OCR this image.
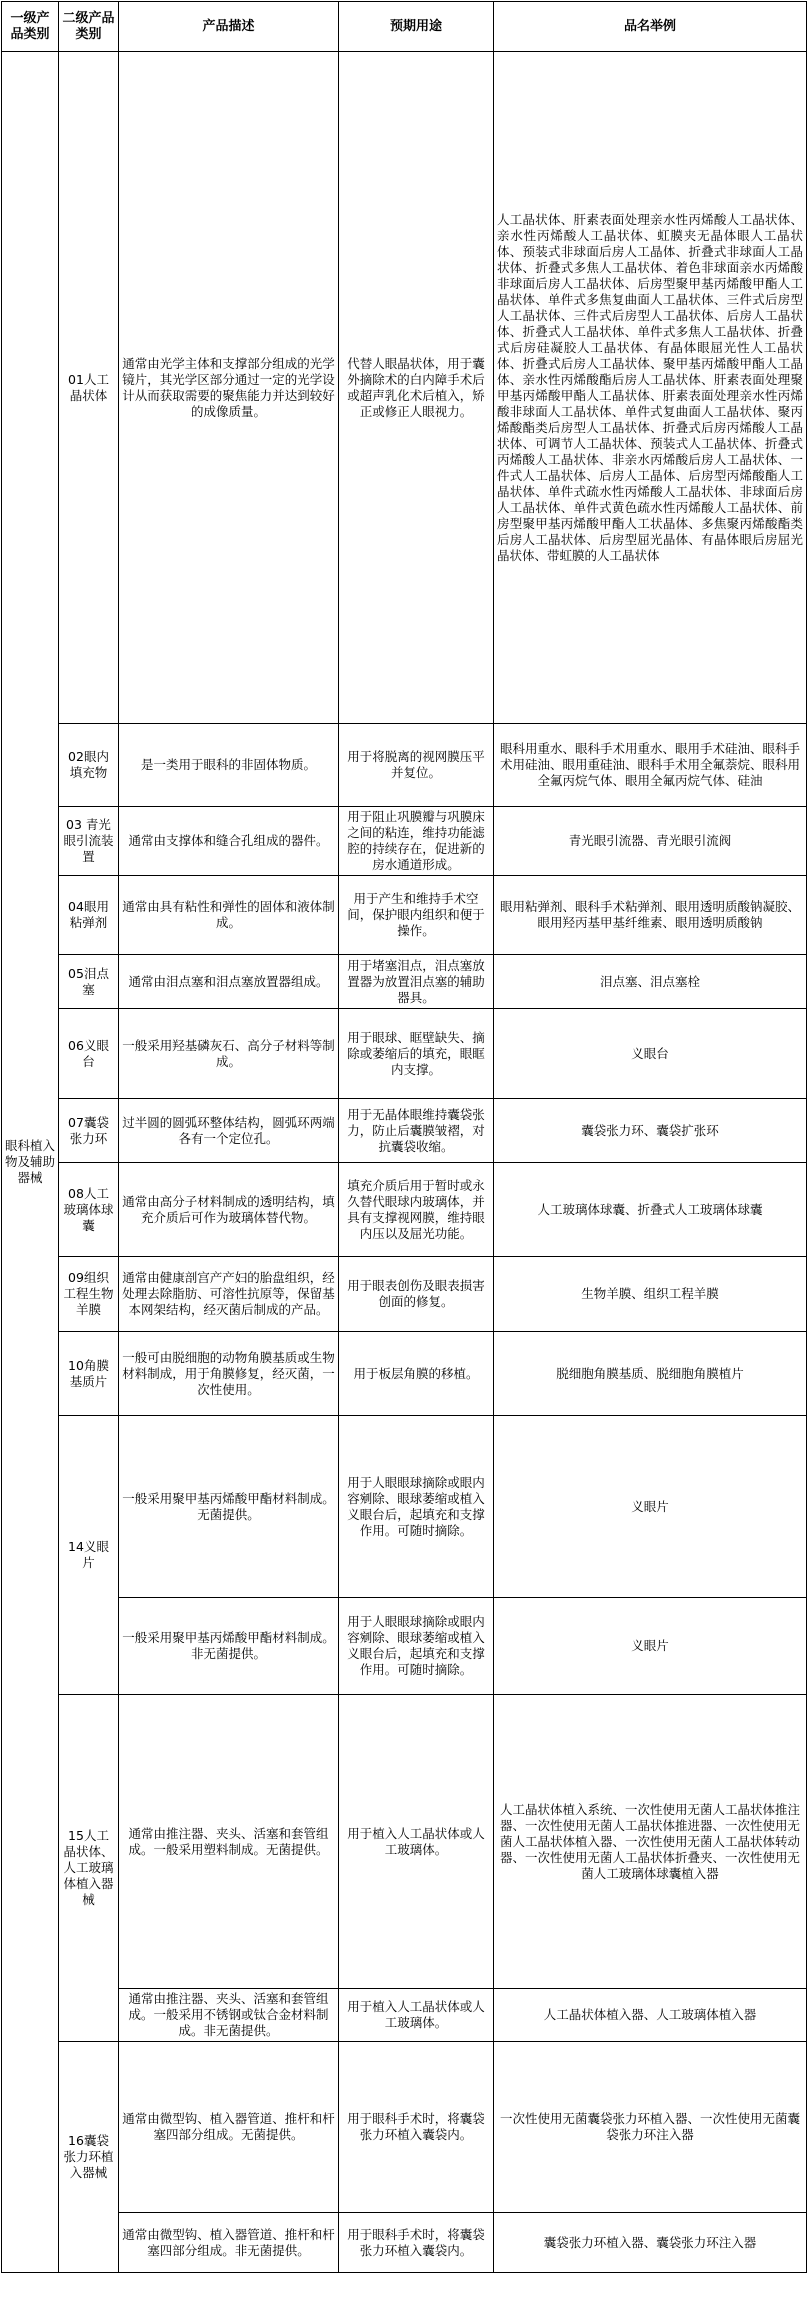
一级产品类别	二级产品类别	产品描述	预期用途	品名举例
眼科植入物及辅助器械	01人工晶状体	通常由光学主体和支撑部分组成的光学镜片，其光学区部分通过一定的光学设计从而获取需要的聚焦能力并达到较好的成像质量。	代替人眼晶状体，用于囊外摘除术的白内障手术后或超声乳化术后植入，矫正或修正人眼视力。	人工晶状体、肝素表面处理亲水性丙烯酸人工晶状体、亲水性丙烯酸人工晶状体、虹膜夹无晶体眼人工晶状体、预装式非球面后房人工晶体、折叠式非球面人工晶状体、折叠式多焦人工晶状体、着色非球面亲水丙烯酸非球面后房人工晶状体、后房型聚甲基丙烯酸甲酯人工晶状体、单件式多焦复曲面人工晶状体、三件式后房型人工晶状体、三件式后房型人工晶状体、后房人工晶状体、折叠式人工晶状体、单件式多焦人工晶状体、折叠式后房硅凝胶人工晶状体、有晶体眼屈光性人工晶状体、折叠式后房人工晶状体、聚甲基丙烯酸甲酯人工晶体、亲水性丙烯酸酯后房人工晶状体、肝素表面处理聚甲基丙烯酸甲酯人工晶状体、肝素表面处理亲水性丙烯酸非球面人工晶状体、单件式复曲面人工晶状体、聚丙烯酸酯类后房型人工晶状体、折叠式后房丙烯酸人工晶状体、可调节人工晶状体、预装式人工晶状体、折叠式丙烯酸人工晶状体、非亲水丙烯酸后房人工晶状体、一件式人工晶状体、后房人工晶体、后房型丙烯酸酯人工晶状体、单件式疏水性丙烯酸人工晶状体、非球面后房人工晶状体、单件式黄色疏水性丙烯酸人工晶状体、前房型聚甲基丙烯酸甲酯人工状晶体、多焦聚丙烯酸酯类后房人工晶状体、后房型屈光晶体、有晶体眼后房屈光晶状体、带虹膜的人工晶状体
	02眼内填充物	是一类用于眼科的非固体物质。	用于将脱离的视网膜压平并复位。	眼科用重水、眼科手术用重水、眼用手术硅油、眼科手术用硅油、眼用重硅油、眼科手术用全氟萘烷、眼科用全氟丙烷气体、眼用全氟丙烷气体、硅油
	03 青光眼引流装置	通常由支撑体和缝合孔组成的器件。	用于阻止巩膜瓣与巩膜床之间的粘连，维持功能滤腔的持续存在，促进新的房水通道形成。	青光眼引流器、青光眼引流阀
	04眼用粘弹剂	通常由具有粘性和弹性的固体和液体制成。	用于产生和维持手术空间，保护眼内组织和便于操作。	眼用粘弹剂、眼科手术粘弹剂、眼用透明质酸钠凝胶、眼用羟丙基甲基纤维素、眼用透明质酸钠
	05泪点塞	通常由泪点塞和泪点塞放置器组成。	用于堵塞泪点，泪点塞放置器为放置泪点塞的辅助器具。	泪点塞、泪点塞栓
	06义眼台	一般采用羟基磷灰石、高分子材料等制成。	用于眼球、眶壁缺失、摘除或萎缩后的填充，眼眶内支撑。	义眼台
	07囊袋张力环	过半圆的圆弧环整体结构，圆弧环两端各有一个定位孔。	用于无晶体眼维持囊袋张力，防止后囊膜皱褶，对抗囊袋收缩。	囊袋张力环、囊袋扩张环
	08人工玻璃体球囊	通常由高分子材料制成的透明结构，填充介质后可作为玻璃体替代物。	填充介质后用于暂时或永久替代眼球内玻璃体，并具有支撑视网膜，维持眼内压以及屈光功能。	人工玻璃体球囊、折叠式人工玻璃体球囊
	09组织工程生物羊膜	通常由健康剖宫产产妇的胎盘组织，经处理去除脂肪、可溶性抗原等，保留基本网架结构，经灭菌后制成的产品。	用于眼表创伤及眼表损害创面的修复。	生物羊膜、组织工程羊膜
	10角膜基质片	一般可由脱细胞的动物角膜基质或生物材料制成，用于角膜修复，经灭菌，一次性使用。	用于板层角膜的移植。	脱细胞角膜基质、脱细胞角膜植片
	14义眼片	一般采用聚甲基丙烯酸甲酯材料制成。无菌提供。	用于人眼眼球摘除或眼内容剜除、眼球萎缩或植入义眼台后，起填充和支撑作用。可随时摘除。	义眼片
		一般采用聚甲基丙烯酸甲酯材料制成。非无菌提供。	用于人眼眼球摘除或眼内容剜除、眼球萎缩或植入义眼台后，起填充和支撑作用。可随时摘除。	义眼片
	15人工晶状体、人工玻璃体植入器械	通常由推注器、夹头、活塞和套管组成。一般采用塑料制成。无菌提供。	用于植入人工晶状体或人工玻璃体。	人工晶状体植入系统、一次性使用无菌人工晶状体推注器、一次性使用无菌人工晶状体推进器、一次性使用无菌人工晶状体植入器、一次性使用无菌人工晶状体转动器、一次性使用无菌人工晶状体折叠夹、一次性使用无菌人工玻璃体球囊植入器
		通常由推注器、夹头、活塞和套管组成。一般采用不锈钢或钛合金材料制成。非无菌提供。	用于植入人工晶状体或人工玻璃体。	人工晶状体植入器、人工玻璃体植入器
	16囊袋张力环植入器械	通常由微型钩、植入器管道、推杆和杆塞四部分组成。无菌提供。	用于眼科手术时，将囊袋张力环植入囊袋内。	一次性使用无菌囊袋张力环植入器、一次性使用无菌囊袋张力环注入器
		通常由微型钩、植入器管道、推杆和杆塞四部分组成。非无菌提供。	用于眼科手术时，将囊袋张力环植入囊袋内。	囊袋张力环植入器、囊袋张力环注入器
